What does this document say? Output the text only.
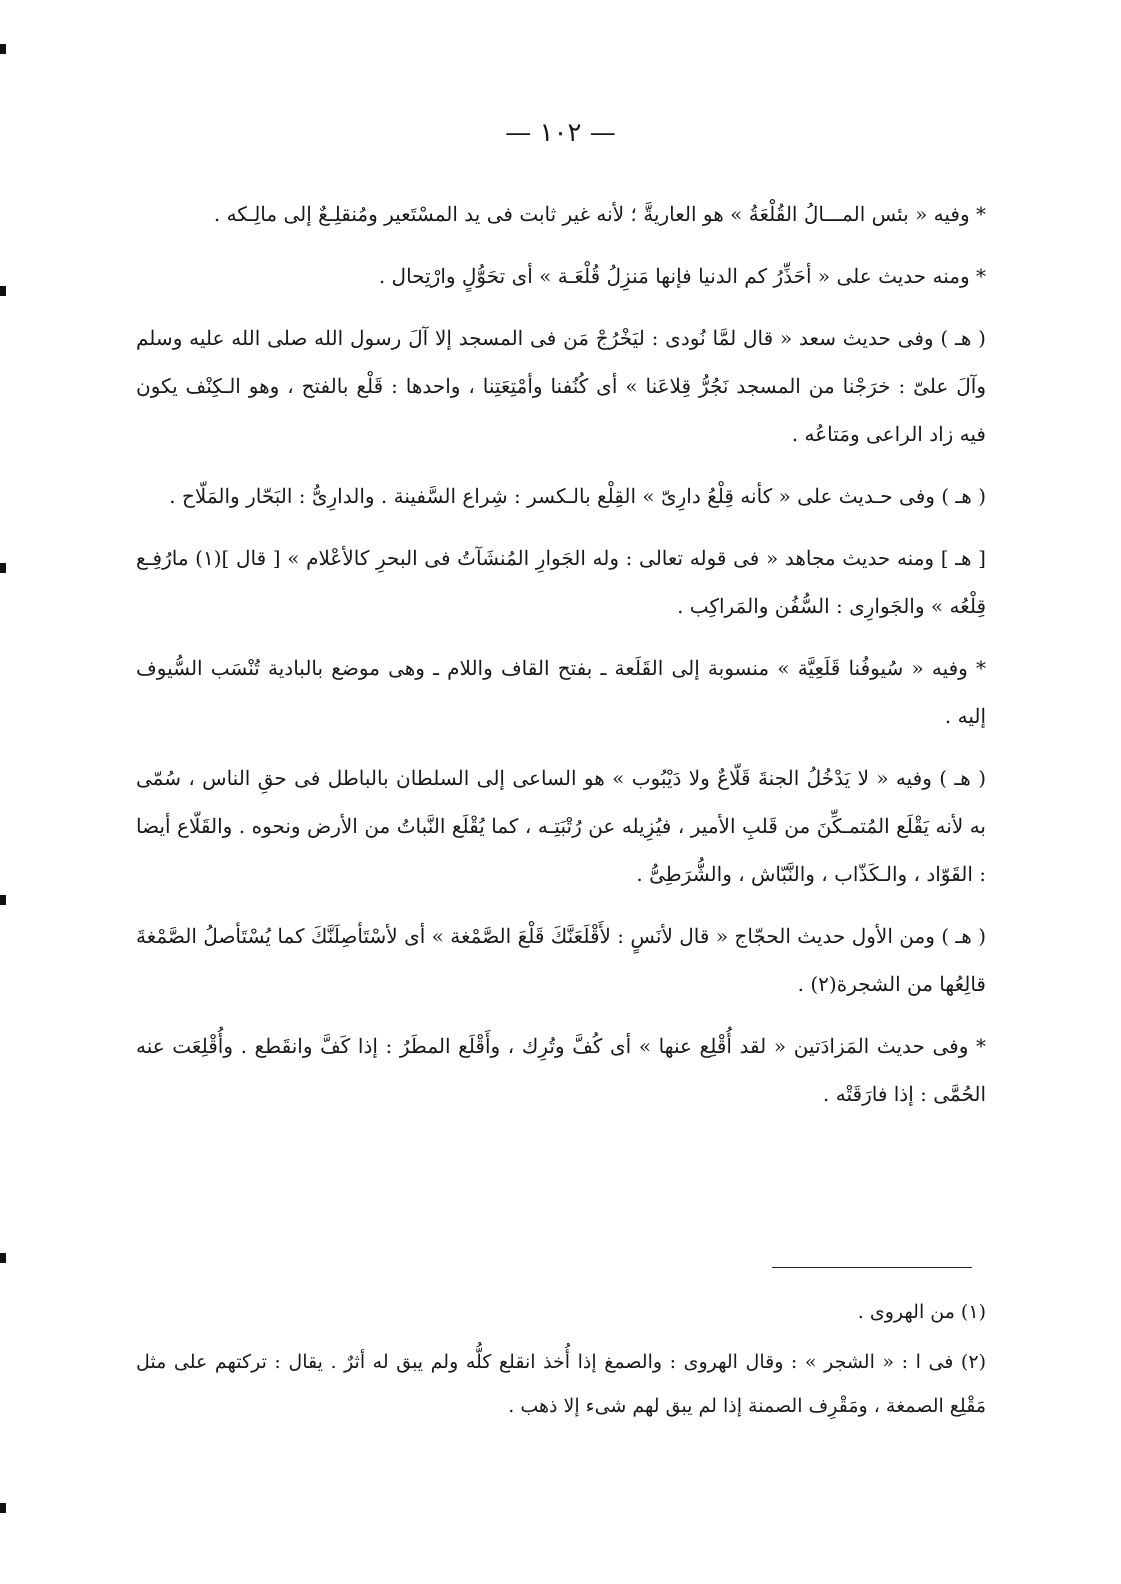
— ١٠٢ —

* وفيه « بئس المـــالُ القُلْعَةُ » هو العاريةَّ ؛ لأنه غير ثابت فى يد المسْتَعير ومُنقلِـعٌ إلى مالِـكه .

* ومنه حديث على « أحَذِّرُ كم الدنيا فإنها مَنزِلُ قُلْعَـة » أى تحَوُّلٍ وارْتِحال .

( هـ ) وفى حديث سعد « قال لمَّا نُودى : ليَخْرُجْ مَن فى المسجد إلا آلَ رسول الله صلى الله عليه وسلم وآلَ علىّ : خرَجْنا من المسجد نَجُرُّ قِلاعَنا » أى كُنُفنا وأمْتِعَتِنا ، واحدها : قَلْع بالفتح ، وهو الـكِنْف يكون فيه زاد الراعى ومَتاعُه .

( هـ ) وفى حـديث على « كأنه قِلْعُ دارِىّ » القِلْع بالـكسر : شِراع السَّفينة . والدارِىُّ : البَحّار والمَلّاح .

[ هـ ] ومنه حديث مجاهد « فى قوله تعالى : وله الجَوارِ المُنشَآتُ فى البحرِ كالأعْلام » [ قال ](١) مارُفِـع قِلْعُه » والجَوارِى : السُّفُن والمَراكِب .

* وفيه « سُيوفُنا قَلَعِيَّة » منسوبة إلى القَلَعة ـ بفتح القاف واللام ـ وهى موضع بالبادية تُنْسَب السُّيوف إليه .

( هـ ) وفيه « لا يَدْخُلُ الجنةَ قَلّاعٌ ولا دَيْبُوب » هو الساعى إلى السلطان بالباطل فى حقِ الناس ، سُمّى به لأنه يَقْلَع المُتمـكِّنَ من قَلبِ الأمير ، فيُزِيله عن رُتْبَتِـه ، كما يُقْلَع النَّباتُ من الأرض ونحوه . والقَلّاع أيضا : القَوّاد ، والـكَذّاب ، والنَّبّاش ، والشُّرَطِىُّ .

( هـ ) ومن الأول حديث الحجّاج « قال لأنَسٍ : لأَقْلَعَنَّكَ قَلْعَ الصَّمْغة » أى لأسْتَأصِلَنَّكَ كما يُسْتَأصلُ الصَّمْغةَ قالِعُها من الشجرة(٢) .

* وفى حديث المَزادَتين « لقد أُقْلِع عنها » أى كُفَّ وتُرِك ، وأَقْلَع المطَرُ : إذا كَفَّ وانقَطع . وأُقْلِعَت عنه الحُمَّى : إذا فارَقَتْه .

(١) من الهروى .

(٢) فى ا : « الشجر » : وقال الهروى : والصمغ إذا أُخذ انقلع كلُّه ولم يبق له أثرٌ . يقال : تركتهم على مثل مَقْلِع الصمغة ، ومَقْرِف الصمنة إذا لم يبق لهم شىء إلا ذهب .
